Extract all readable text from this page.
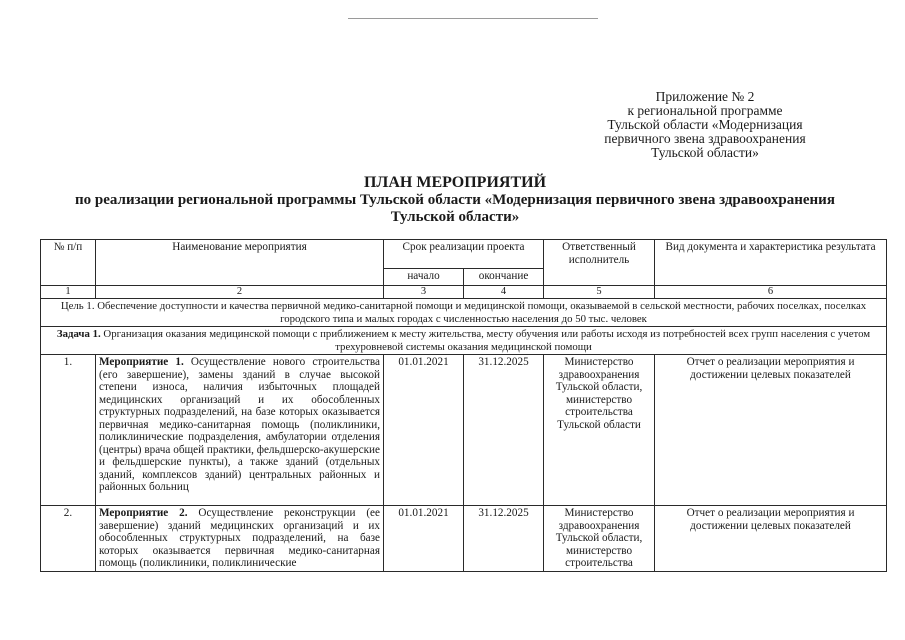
Приложение № 2
к региональной программе
Тульской области «Модернизация
первичного звена здравоохранения
Тульской области»
ПЛАН МЕРОПРИЯТИЙ
по реализации региональной программы Тульской области «Модернизация первичного звена здравоохранения
Тульской области»
№ п/п	Наименование мероприятия	Срок реализации проекта		Ответственный исполнитель	Вид документа и характеристика результата
		начало	окончание		
1	2	3	4	5	6
Цель 1. Обеспечение доступности и качества первичной медико-санитарной помощи и медицинской помощи, оказываемой в сельской местности, рабочих поселках, поселках городского типа и малых городах с численностью населения до 50 тыс. человек					
Задача 1. Организация оказания медицинской помощи с приближением к месту жительства, месту обучения или работы исходя из потребностей всех групп населения с учетом трехуровневой системы оказания медицинской помощи					
1.	Мероприятие 1. Осуществление нового строительства (его завершение), замены зданий в случае высокой степени износа, наличия избыточных площадей медицинских организаций и их обособленных структурных подразделений, на базе которых оказывается первичная медико-санитарная помощь (поликлиники, поликлинические подразделения, амбулатории отделения (центры) врача общей практики, фельдшерско-акушерские и фельдшерские пункты), а также зданий (отдельных зданий, комплексов зданий) центральных районных и районных больниц	01.01.2021	31.12.2025	Министерство здравоохранения Тульской области, министерство строительства Тульской области	Отчет о реализации мероприятия и достижении целевых показателей
2.	Мероприятие 2. Осуществление реконструкции (ее завершение) зданий медицинских организаций и их обособленных структурных подразделений, на базе которых оказывается первичная медико-санитарная помощь (поликлиники, поликлинические	01.01.2021	31.12.2025	Министерство здравоохранения Тульской области, министерство строительства	Отчет о реализации мероприятия и достижении целевых показателей
